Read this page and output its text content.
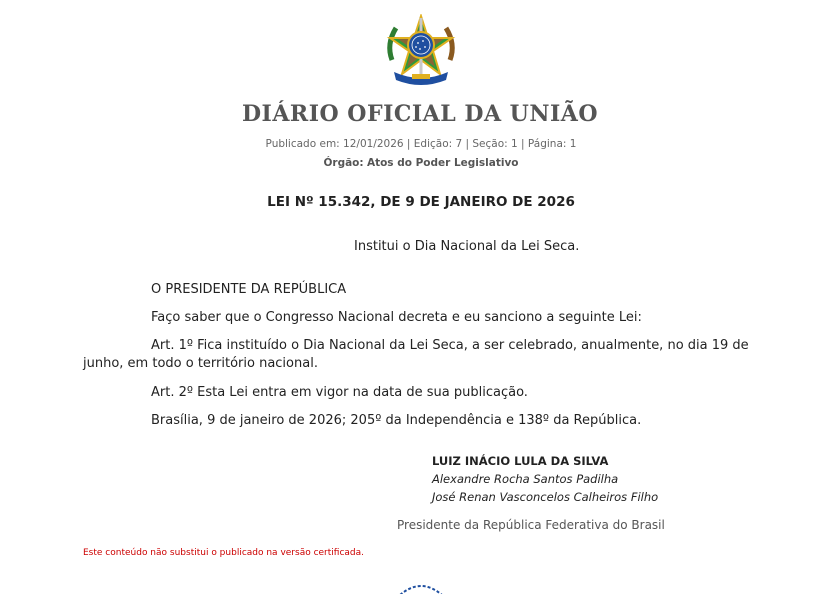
DIÁRIO OFICIAL DA UNIÃO
Publicado em: 12/01/2026 | Edição: 7 | Seção: 1 | Página: 1
Órgão: Atos do Poder Legislativo
LEI Nº 15.342, DE 9 DE JANEIRO DE 2026
Institui o Dia Nacional da Lei Seca.
O PRESIDENTE DA REPÚBLICA
Faço saber que o Congresso Nacional decreta e eu sanciono a seguinte Lei:
Art. 1º Fica instituído o Dia Nacional da Lei Seca, a ser celebrado, anualmente, no dia 19 de junho, em todo o território nacional.
Art. 2º Esta Lei entra em vigor na data de sua publicação.
Brasília, 9 de janeiro de 2026; 205º da Independência e 138º da República.
LUIZ INÁCIO LULA DA SILVA
Alexandre Rocha Santos Padilha
José Renan Vasconcelos Calheiros Filho
Presidente da República Federativa do Brasil
Este conteúdo não substitui o publicado na versão certificada.
